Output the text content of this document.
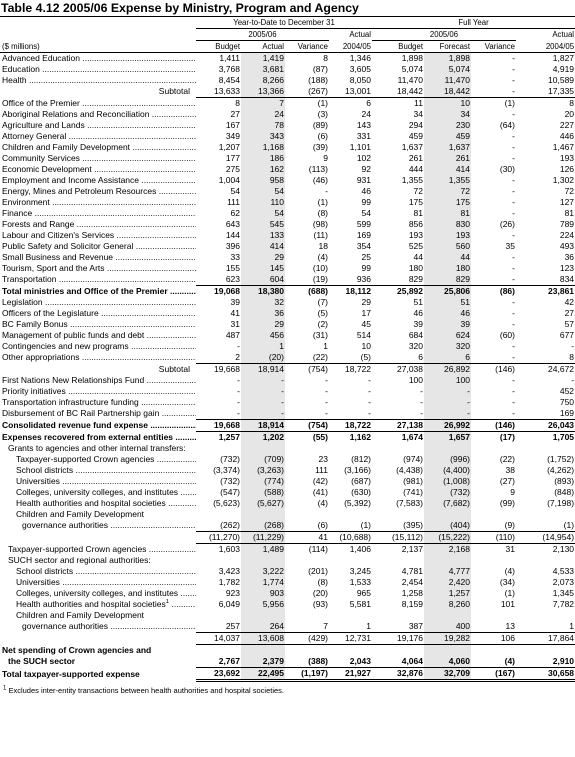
Table 4.12 2005/06 Expense by Ministry, Program and Agency
	Year-to-Date to December 31				Full Year			
	2005/06			Actual	2005/06			Actual
($ millions)	Budget	Actual	Variance	2004/05	Budget	Forecast	Variance	2004/05
Advanced Education .....	1,411	1,419	8	1,346	1,898	1,898	-	1,827
Education .....	3,768	3,681	(87)	3,605	5,074	5,074	-	4,919
Health .....	8,454	8,266	(188)	8,050	11,470	11,470	-	10,589
Subtotal	13,633	13,366	(267)	13,001	18,442	18,442	-	17,335
Office of the Premier .....	8	7	(1)	6	11	10	(1)	8
Aboriginal Relations and Reconciliation .....	27	24	(3)	24	34	34	-	20
Agriculture and Lands .....	167	78	(89)	143	294	230	(64)	227
Attorney General .....	349	343	(6)	331	459	459	-	446
Children and Family Development .....	1,207	1,168	(39)	1,101	1,637	1,637	-	1,467
Community Services .....	177	186	9	102	261	261	-	193
Economic Development .....	275	162	(113)	92	444	414	(30)	126
Employment and Income Assistance .....	1,004	958	(46)	931	1,355	1,355	-	1,302
Energy, Mines and Petroleum Resources .....	54	54	-	46	72	72	-	72
Environment .....	111	110	(1)	99	175	175	-	127
Finance .....	62	54	(8)	54	81	81	-	81
Forests and Range .....	643	545	(98)	599	856	830	(26)	789
Labour and Citizen's Services .....	144	133	(11)	169	193	193	-	224
Public Safety and Solicitor General .....	396	414	18	354	525	560	35	493
Small Business and Revenue .....	33	29	(4)	25	44	44	-	36
Tourism, Sport and the Arts .....	155	145	(10)	99	180	180	-	123
Transportation .....	623	604	(19)	936	829	829	-	834
Total ministries and Office of the Premier .....	19,068	18,380	(688)	18,112	25,892	25,806	(86)	23,861
Legislation .....	39	32	(7)	29	51	51	-	42
Officers of the Legislature .....	41	36	(5)	17	46	46	-	27
BC Family Bonus .....	31	29	(2)	45	39	39	-	57
Management of public funds and debt .....	487	456	(31)	514	684	624	(60)	677
Contingencies and new programs .....	-	1	1	10	320	320	-	-
Other appropriations .....	2	(20)	(22)	(5)	6	6	-	8
Subtotal	19,668	18,914	(754)	18,722	27,038	26,892	(146)	24,672
First Nations New Relationships Fund .....	-	-	-	-	100	100	-	-
Priority initiatives .....	-	-	-	-	-	-	-	452
Transportation infrastructure funding .....	-	-	-	-	-	-	-	750
Disbursement of BC Rail Partnership gain .....	-	-	-	-	-	-	-	169
Consolidated revenue fund expense .....	19,668	18,914	(754)	18,722	27,138	26,992	(146)	26,043
Expenses recovered from external entities .....	1,257	1,202	(55)	1,162	1,674	1,657	(17)	1,705
Grants to agencies and other internal transfers:								
Taxpayer-supported Crown agencies .....	(732)	(709)	23	(812)	(974)	(996)	(22)	(1,752)
School districts .....	(3,374)	(3,263)	111	(3,166)	(4,438)	(4,400)	38	(4,262)
Universities .....	(732)	(774)	(42)	(687)	(981)	(1,008)	(27)	(893)
Colleges, university colleges, and institutes .....	(547)	(588)	(41)	(630)	(741)	(732)	9	(848)
Health authorities and hospital societies .....	(5,623)	(5,627)	(4)	(5,392)	(7,583)	(7,682)	(99)	(7,198)
Children and Family Development								
governance authorities .....	(262)	(268)	(6)	(1)	(395)	(404)	(9)	(1)
	(11,270)	(11,229)	41	(10,688)	(15,112)	(15,222)	(110)	(14,954)
Taxpayer-supported Crown agencies .....	1,603	1,489	(114)	1,406	2,137	2,168	31	2,130
SUCH sector and regional authorities:								
School districts .....	3,423	3,222	(201)	3,245	4,781	4,777	(4)	4,533
Universities .....	1,782	1,774	(8)	1,533	2,454	2,420	(34)	2,073
Colleges, university colleges, and institutes .....	923	903	(20)	965	1,258	1,257	(1)	1,345
Health authorities and hospital societies$^1$ .....	6,049	5,956	(93)	5,581	8,159	8,260	101	7,782
Children and Family Development								
governance authorities .....	257	264	7	1	387	400	13	1
	14,037	13,608	(429)	12,731	19,176	19,282	106	17,864
Net spending of Crown agencies and								
the SUCH sector	2,767	2,379	(388)	2,043	4,064	4,060	(4)	2,910
Total taxpayer-supported expense	23,692	22,495	(1,197)	21,927	32,876	32,709	(167)	30,658
$^1$ Excludes inter-entity transactions between health authorities and hospital societies.
